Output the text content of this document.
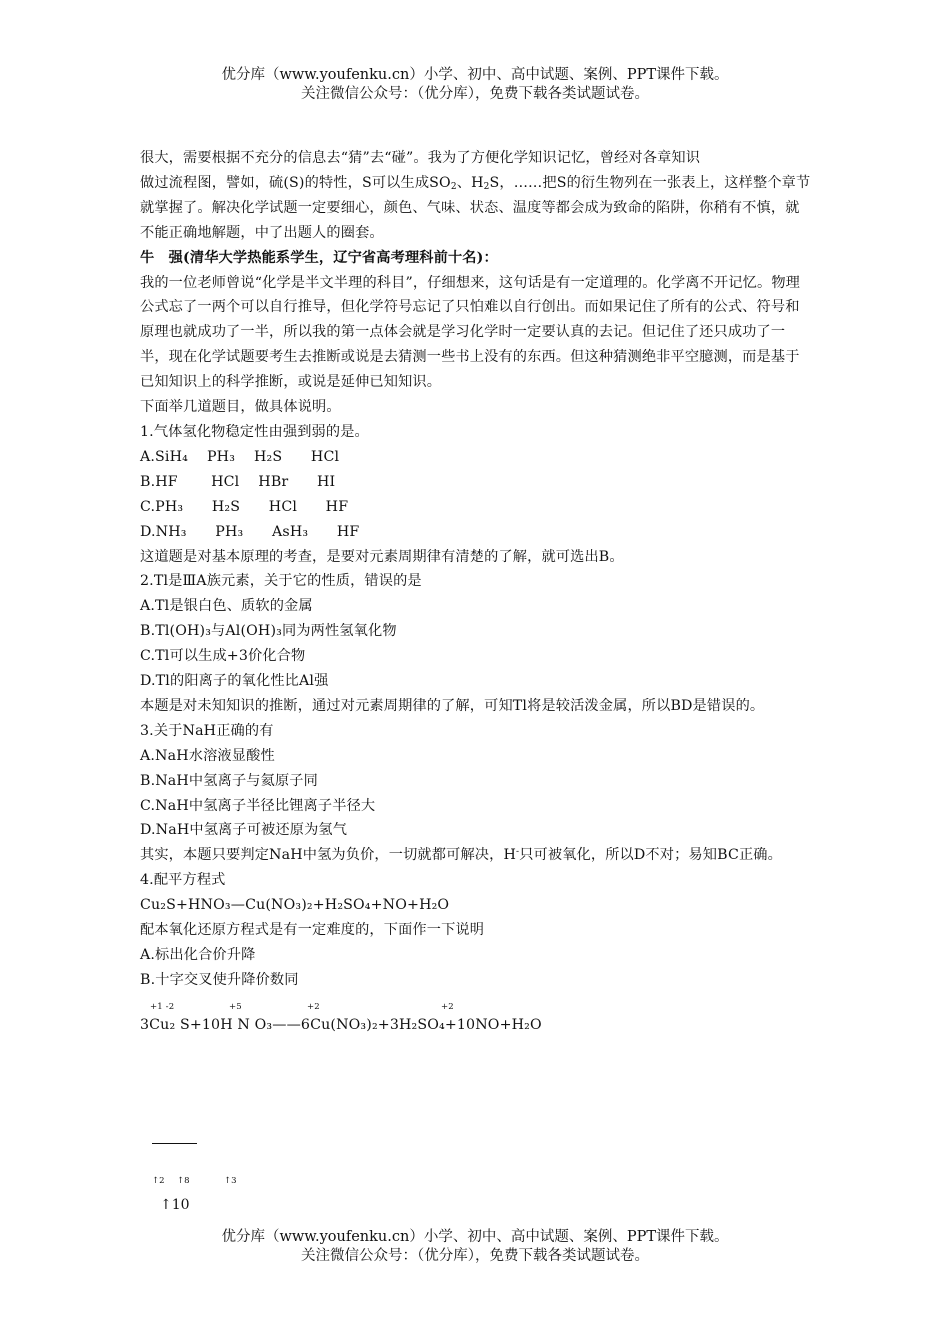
优分库（www.youfenku.cn）小学、初中、高中试题、案例、PPT课件下载。
关注微信公众号：（优分库），免费下载各类试题试卷。

很大，需要根据不充分的信息去“猜”去“碰”。我为了方便化学知识记忆，曾经对各章知识

做过流程图，譬如，硫(S)的特性，S可以生成$SO_2$、$H_2S$，……把S的衍生物列在一张表上，这样整个章节就掌握了。解决化学试题一定要细心，颜色、气味、状态、温度等都会成为致命的陷阱，你稍有不慎，就不能正确地解题，中了出题人的圈套。

牛　强(清华大学热能系学生，辽宁省高考理科前十名)：

我的一位老师曾说“化学是半文半理的科目”，仔细想来，这句话是有一定道理的。化学离不开记忆。物理公式忘了一两个可以自行推导，但化学符号忘记了只怕难以自行创出。而如果记住了所有的公式、符号和原理也就成功了一半，所以我的第一点体会就是学习化学时一定要认真的去记。但记住了还只成功了一半，现在化学试题要考生去推断或说是去猜测一些书上没有的东西。但这种猜测绝非平空臆测，而是基于已知知识上的科学推断，或说是延伸已知知识。

下面举几道题目，做具体说明。

1.气体氢化物稳定性由强到弱的是。

A.SiH₄　 PH₃　 H₂S　　HCl

B.HF　　 HCl　 HBr　　HI

C.PH₃　　H₂S　　HCl　　HF

D.NH₃　　PH₃　　AsH₃　　HF

这道题是对基本原理的考查，是要对元素周期律有清楚的了解，就可选出B。

2.Tl是ⅢA族元素，关于它的性质，错误的是

A.Tl是银白色、质软的金属

B.Tl(OH)₃与Al(OH)₃同为两性氢氧化物

C.Tl可以生成+3价化合物

D.Tl的阳离子的氧化性比Al强

本题是对未知知识的推断，通过对元素周期律的了解，可知Tl将是较活泼金属，所以BD是错误的。

3.关于NaH正确的有

A.NaH水溶液显酸性

B.NaH中氢离子与氦原子同

C.NaH中氢离子半径比锂离子半径大

D.NaH中氢离子可被还原为氢气

其实，本题只要判定NaH中氢为负价，一切就都可解决，H-只可被氧化，所以D不对；易知BC正确。

4.配平方程式

Cu₂S+HNO₃—Cu(NO₃)₂+H₂SO₄+NO+H₂O

配本氧化还原方程式是有一定难度的，下面作一下说明

A.标出化合价升降

B.十字交叉使升降价数同

+1 -2	+5	+2	+2

3Cu₂ S+10H N O₃——6Cu(NO₃)₂+3H₂SO₄+10NO+H₂O

↑2 ↑8	↑3
↑10
优分库（www.youfenku.cn）小学、初中、高中试题、案例、PPT课件下载。
关注微信公众号：（优分库），免费下载各类试题试卷。
